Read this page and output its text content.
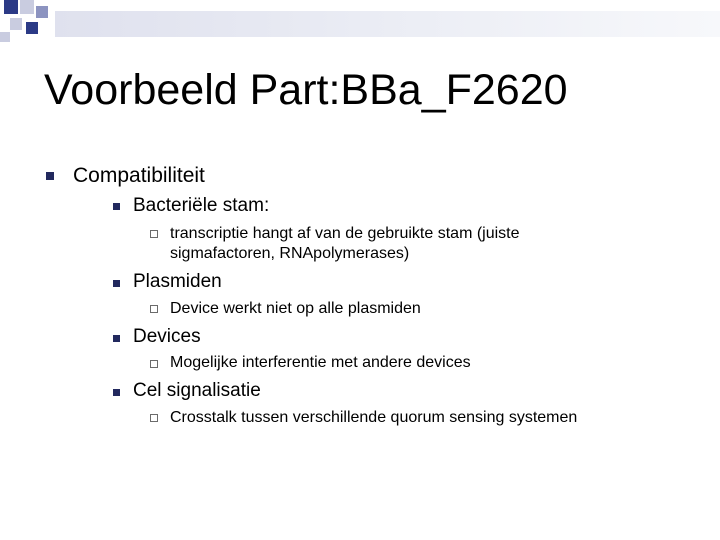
Voorbeeld Part:BBa_F2620
Compatibiliteit
Bacteriële stam:
transcriptie hangt af van de gebruikte stam (juiste sigmafactoren, RNApolymerases)
Plasmiden
Device werkt niet op alle plasmiden
Devices
Mogelijke interferentie met andere devices
Cel signalisatie
Crosstalk tussen verschillende quorum sensing systemen
